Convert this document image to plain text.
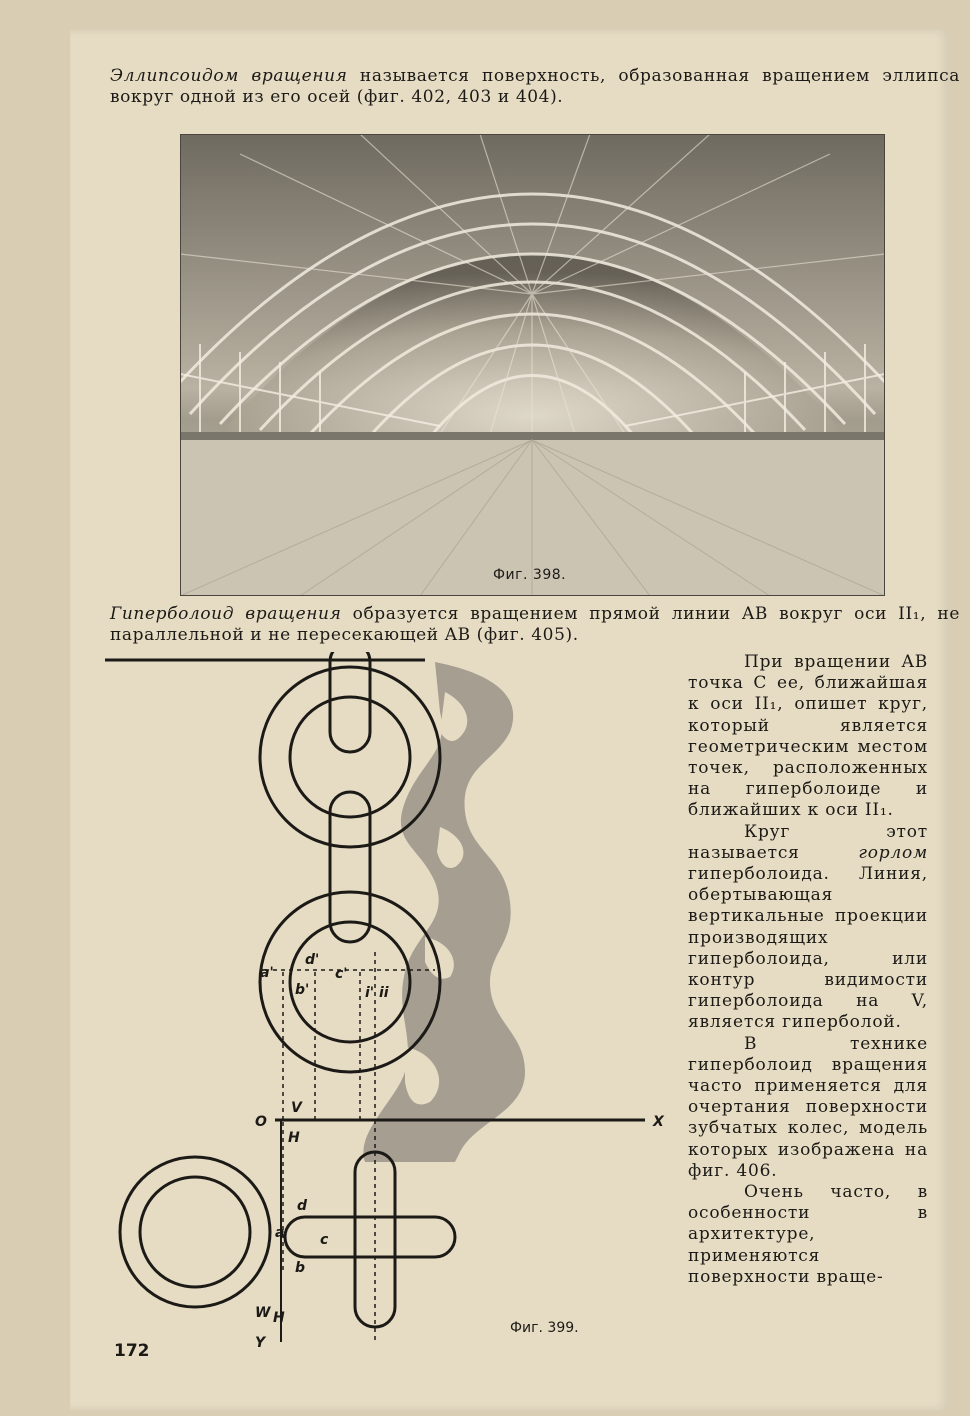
Эллипсоидом вращения называется поверхность, образованная вращением эллипса вокруг одной из его осей (фиг. 402, 403 и 404).
Фиг. 398.
Гиперболоид вращения образуется вращением прямой линии AB вокруг оси II₁, не параллельной и не пересекающей AB (фиг. 405).

При вращении AB точка C ее, ближайшая к оси II₁, опишет круг, который является геометрическим местом точек, расположенных на гиперболоиде и ближайших к оси II₁.

Круг этот называется горлом гиперболоида. Линия, обертывающая вертикальные проекции производящих гиперболоида, или контур видимости гиперболоида на V, является гиперболой.

В технике гиперболоид вращения часто применяется для очертания поверхности зубчатых колес, модель которых изображена на фиг. 406.

Очень часто, в особенности в архитектуре, применяются поверхности враще-

a'
d'
c'
b'	i' ii
O	X
V
H
d
a	c
b
Y
W H
Фиг. 399.
172
